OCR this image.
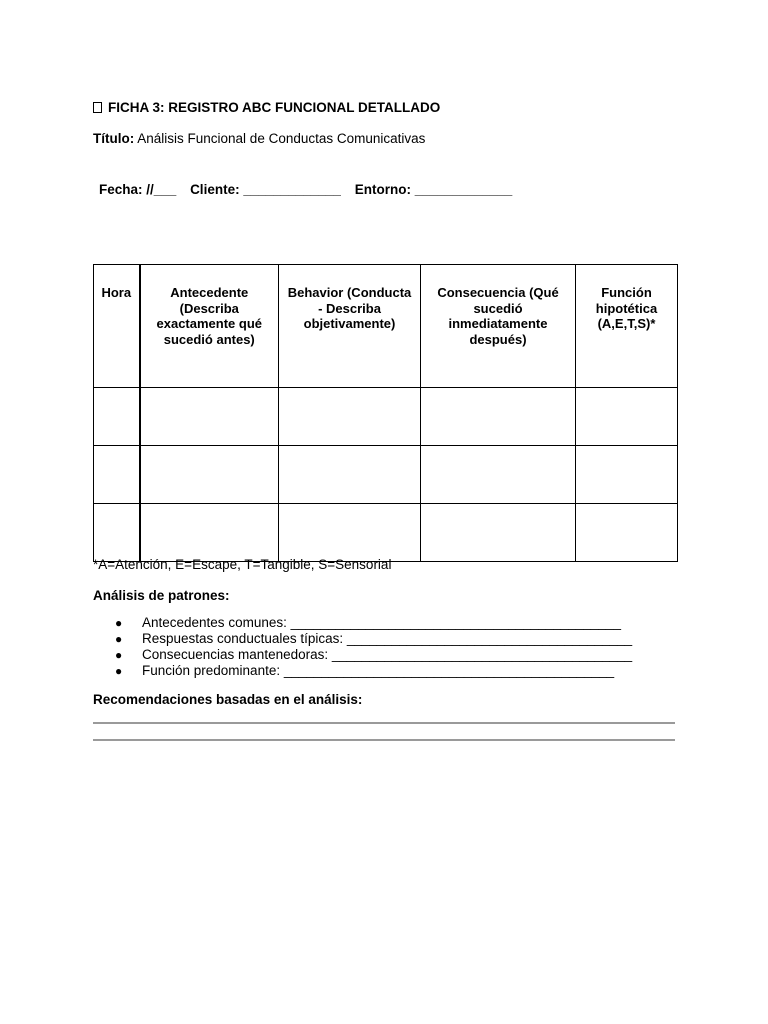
FICHA 3: REGISTRO ABC FUNCIONAL DETALLADO
Título: Análisis Funcional de Conductas Comunicativas
Fecha: //___ Cliente: _____________ Entorno: _____________
Hora	Antecedente (Describa exactamente qué sucedió antes)	Behavior (Conducta - Describa objetivamente)	Consecuencia (Qué sucedió inmediatamente después)	Función hipotética (A,E,T,S)*

*A=Atención, E=Escape, T=Tangible, S=Sensorial
Análisis de patrones:
● Antecedentes comunes: ____________________________________________
● Respuestas conductuales típicas: ______________________________________
● Consecuencias mantenedoras: ________________________________________
● Función predominante: ____________________________________________
Recomendaciones basadas en el análisis:
